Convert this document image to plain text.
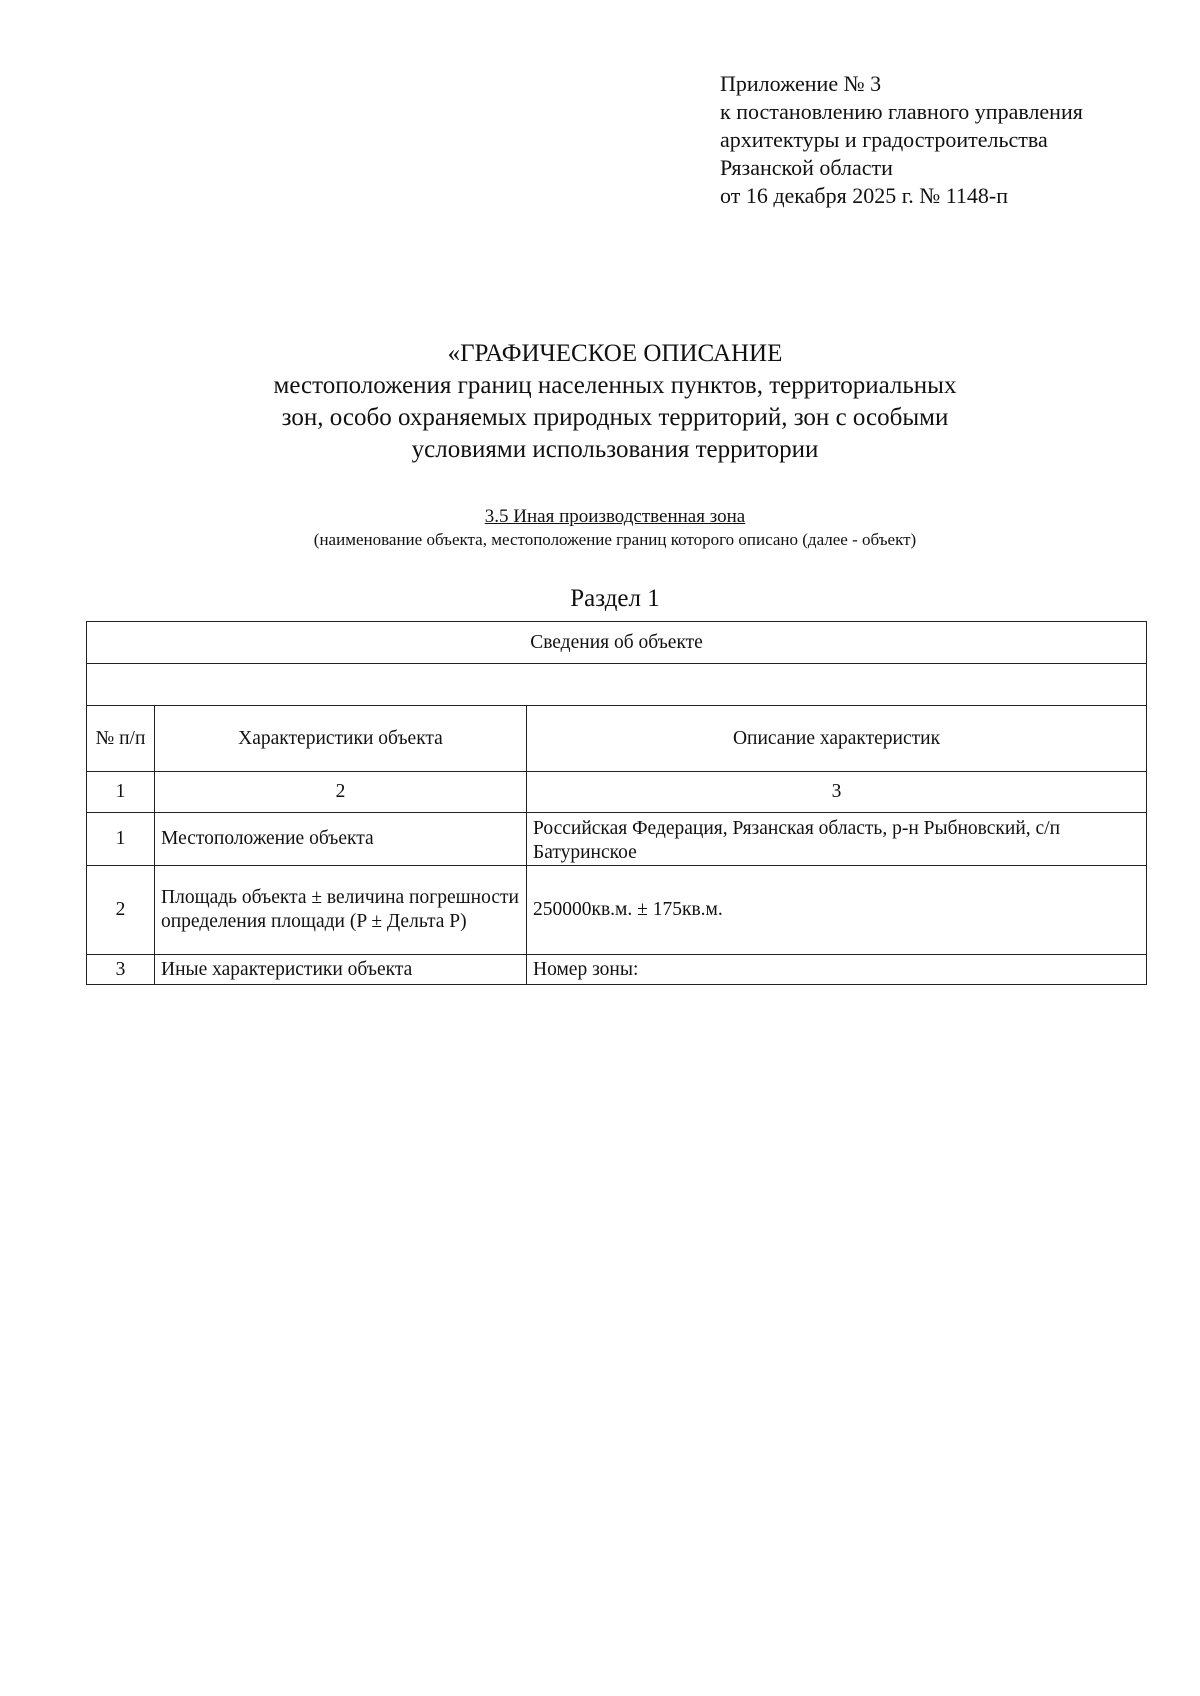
Приложение № 3
к постановлению главного управления
архитектуры и градостроительства
Рязанской области
от 16 декабря 2025 г. № 1148-п
«ГРАФИЧЕСКОЕ ОПИСАНИЕ
местоположения границ населенных пунктов, территориальных
зон, особо охраняемых природных территорий, зон с особыми
условиями использования территории
3.5 Иная производственная зона
(наименование объекта, местоположение границ которого описано (далее - объект)
Раздел 1
Сведения об объекте		

№ п/п	Характеристики объекта	Описание характеристик
1	2	3
1	Местоположение объекта	Российская Федерация, Рязанская область, р-н Рыбновский, с/п Батуринское
2	Площадь объекта ± величина погрешности определения площади (P ± Дельта P)	250000кв.м. ± 175кв.м.
3	Иные характеристики объекта	Номер зоны:
